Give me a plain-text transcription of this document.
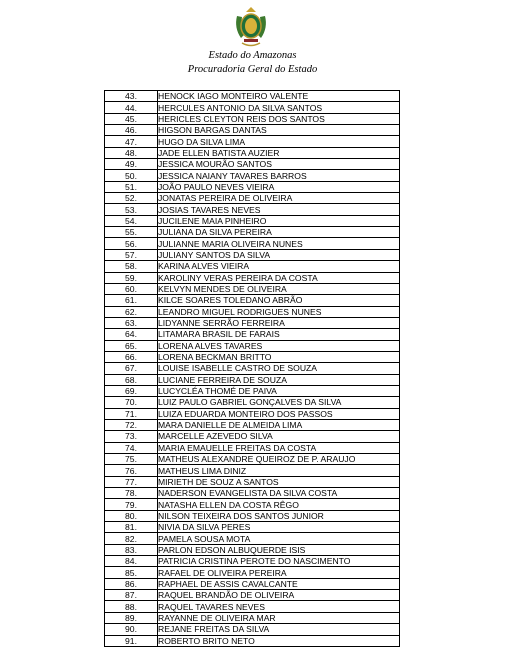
Estado do Amazonas
Procuradoria Geral do Estado
43.	HENOCK IAGO MONTEIRO VALENTE
44.	HERCULES ANTONIO DA SILVA SANTOS
45.	HERICLES CLEYTON REIS DOS SANTOS
46.	HIGSON BARGAS DANTAS
47.	HUGO DA SILVA LIMA
48.	JADE ELLEN BATISTA AUZIER
49.	JESSICA MOURÃO SANTOS
50.	JESSICA NAIANY TAVARES BARROS
51.	JOÃO PAULO NEVES VIEIRA
52.	JONATAS PEREIRA DE OLIVEIRA
53.	JOSIAS TAVARES NEVES
54.	JUCILENE MAIA PINHEIRO
55.	JULIANA DA SILVA PEREIRA
56.	JULIANNE MARIA OLIVEIRA NUNES
57.	JULIANY SANTOS DA SILVA
58.	KARINA ALVES VIEIRA
59.	KAROLINY VERAS PEREIRA DA COSTA
60.	KELVYN MENDES DE OLIVEIRA
61.	KILCE SOARES TOLEDANO ABRÃO
62.	LEANDRO MIGUEL RODRIGUES NUNES
63.	LIDYANNE SERRÃO FERREIRA
64.	LITAMARA BRASIL DE FARAIS
65.	LORENA ALVES TAVARES
66.	LORENA BECKMAN BRITTO
67.	LOUISE ISABELLE CASTRO DE SOUZA
68.	LUCIANE FERREIRA DE SOUZA
69.	LUCYCLÉA THOMÉ DE PAIVA
70.	LUIZ PAULO GABRIEL GONÇALVES DA SILVA
71.	LUIZA EDUARDA MONTEIRO DOS PASSOS
72.	MARA DANIELLE DE ALMEIDA LIMA
73.	MARCELLE AZEVEDO SILVA
74.	MARIA EMAUELLE FREITAS DA COSTA
75.	MATHEUS ALEXANDRE QUEIROZ DE P. ARAUJO
76.	MATHEUS LIMA DINIZ
77.	MIRIETH DE SOUZ A SANTOS
78.	NADERSON EVANGELISTA DA SILVA COSTA
79.	NATASHA ELLEN DA COSTA RÊGO
80.	NILSON TEIXEIRA DOS SANTOS JUNIOR
81.	NIVIA DA SILVA PERES
82.	PAMELA SOUSA MOTA
83.	PARLON EDSON ALBUQUERDE ISIS
84.	PATRICIA CRISTINA PEROTE DO NASCIMENTO
85.	RAFAEL DE OLIVEIRA PEREIRA
86.	RAPHAEL DE ASSIS CAVALCANTE
87.	RAQUEL BRANDÃO DE OLIVEIRA
88.	RAQUEL TAVARES NEVES
89.	RAYANNE DE OLIVEIRA MAR
90.	REJANE FREITAS DA SILVA
91.	ROBERTO BRITO NETO
